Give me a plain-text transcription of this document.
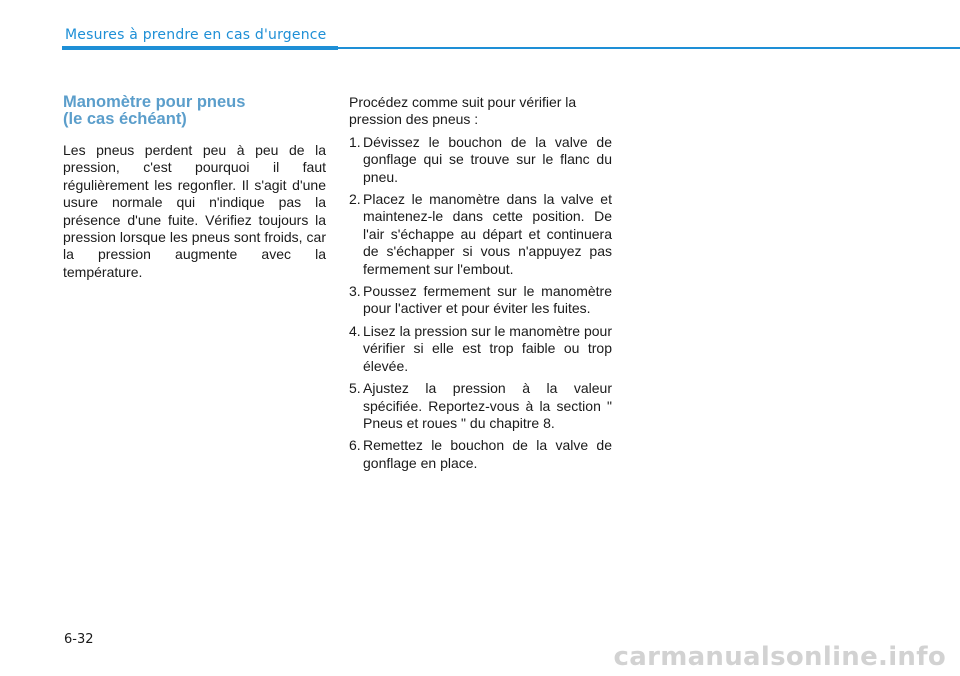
Mesures à prendre en cas d'urgence
Manomètre pour pneus
(le cas échéant)

Les pneus perdent peu à peu de la pression, c'est pourquoi il faut régulièrement les regonfler. Il s'agit d'une usure normale qui n'indique pas la présence d'une fuite. Vérifiez toujours la pression lorsque les pneus sont froids, car la pression augmente avec la température.

Procédez comme suit pour vérifier la pression des pneus :

1. Dévissez le bouchon de la valve de gonflage qui se trouve sur le flanc du pneu.
2. Placez le manomètre dans la valve et maintenez-le dans cette position. De l'air s'échappe au départ et continuera de s'échapper si vous n'appuyez pas fermement sur l'embout.
3. Poussez fermement sur le manomètre pour l'activer et pour éviter les fuites.
4. Lisez la pression sur le manomètre pour vérifier si elle est trop faible ou trop élevée.
5. Ajustez la pression à la valeur spécifiée. Reportez-vous à la section " Pneus et roues " du chapitre 8.
6. Remettez le bouchon de la valve de gonflage en place.
6-32
carmanualsonline.info
